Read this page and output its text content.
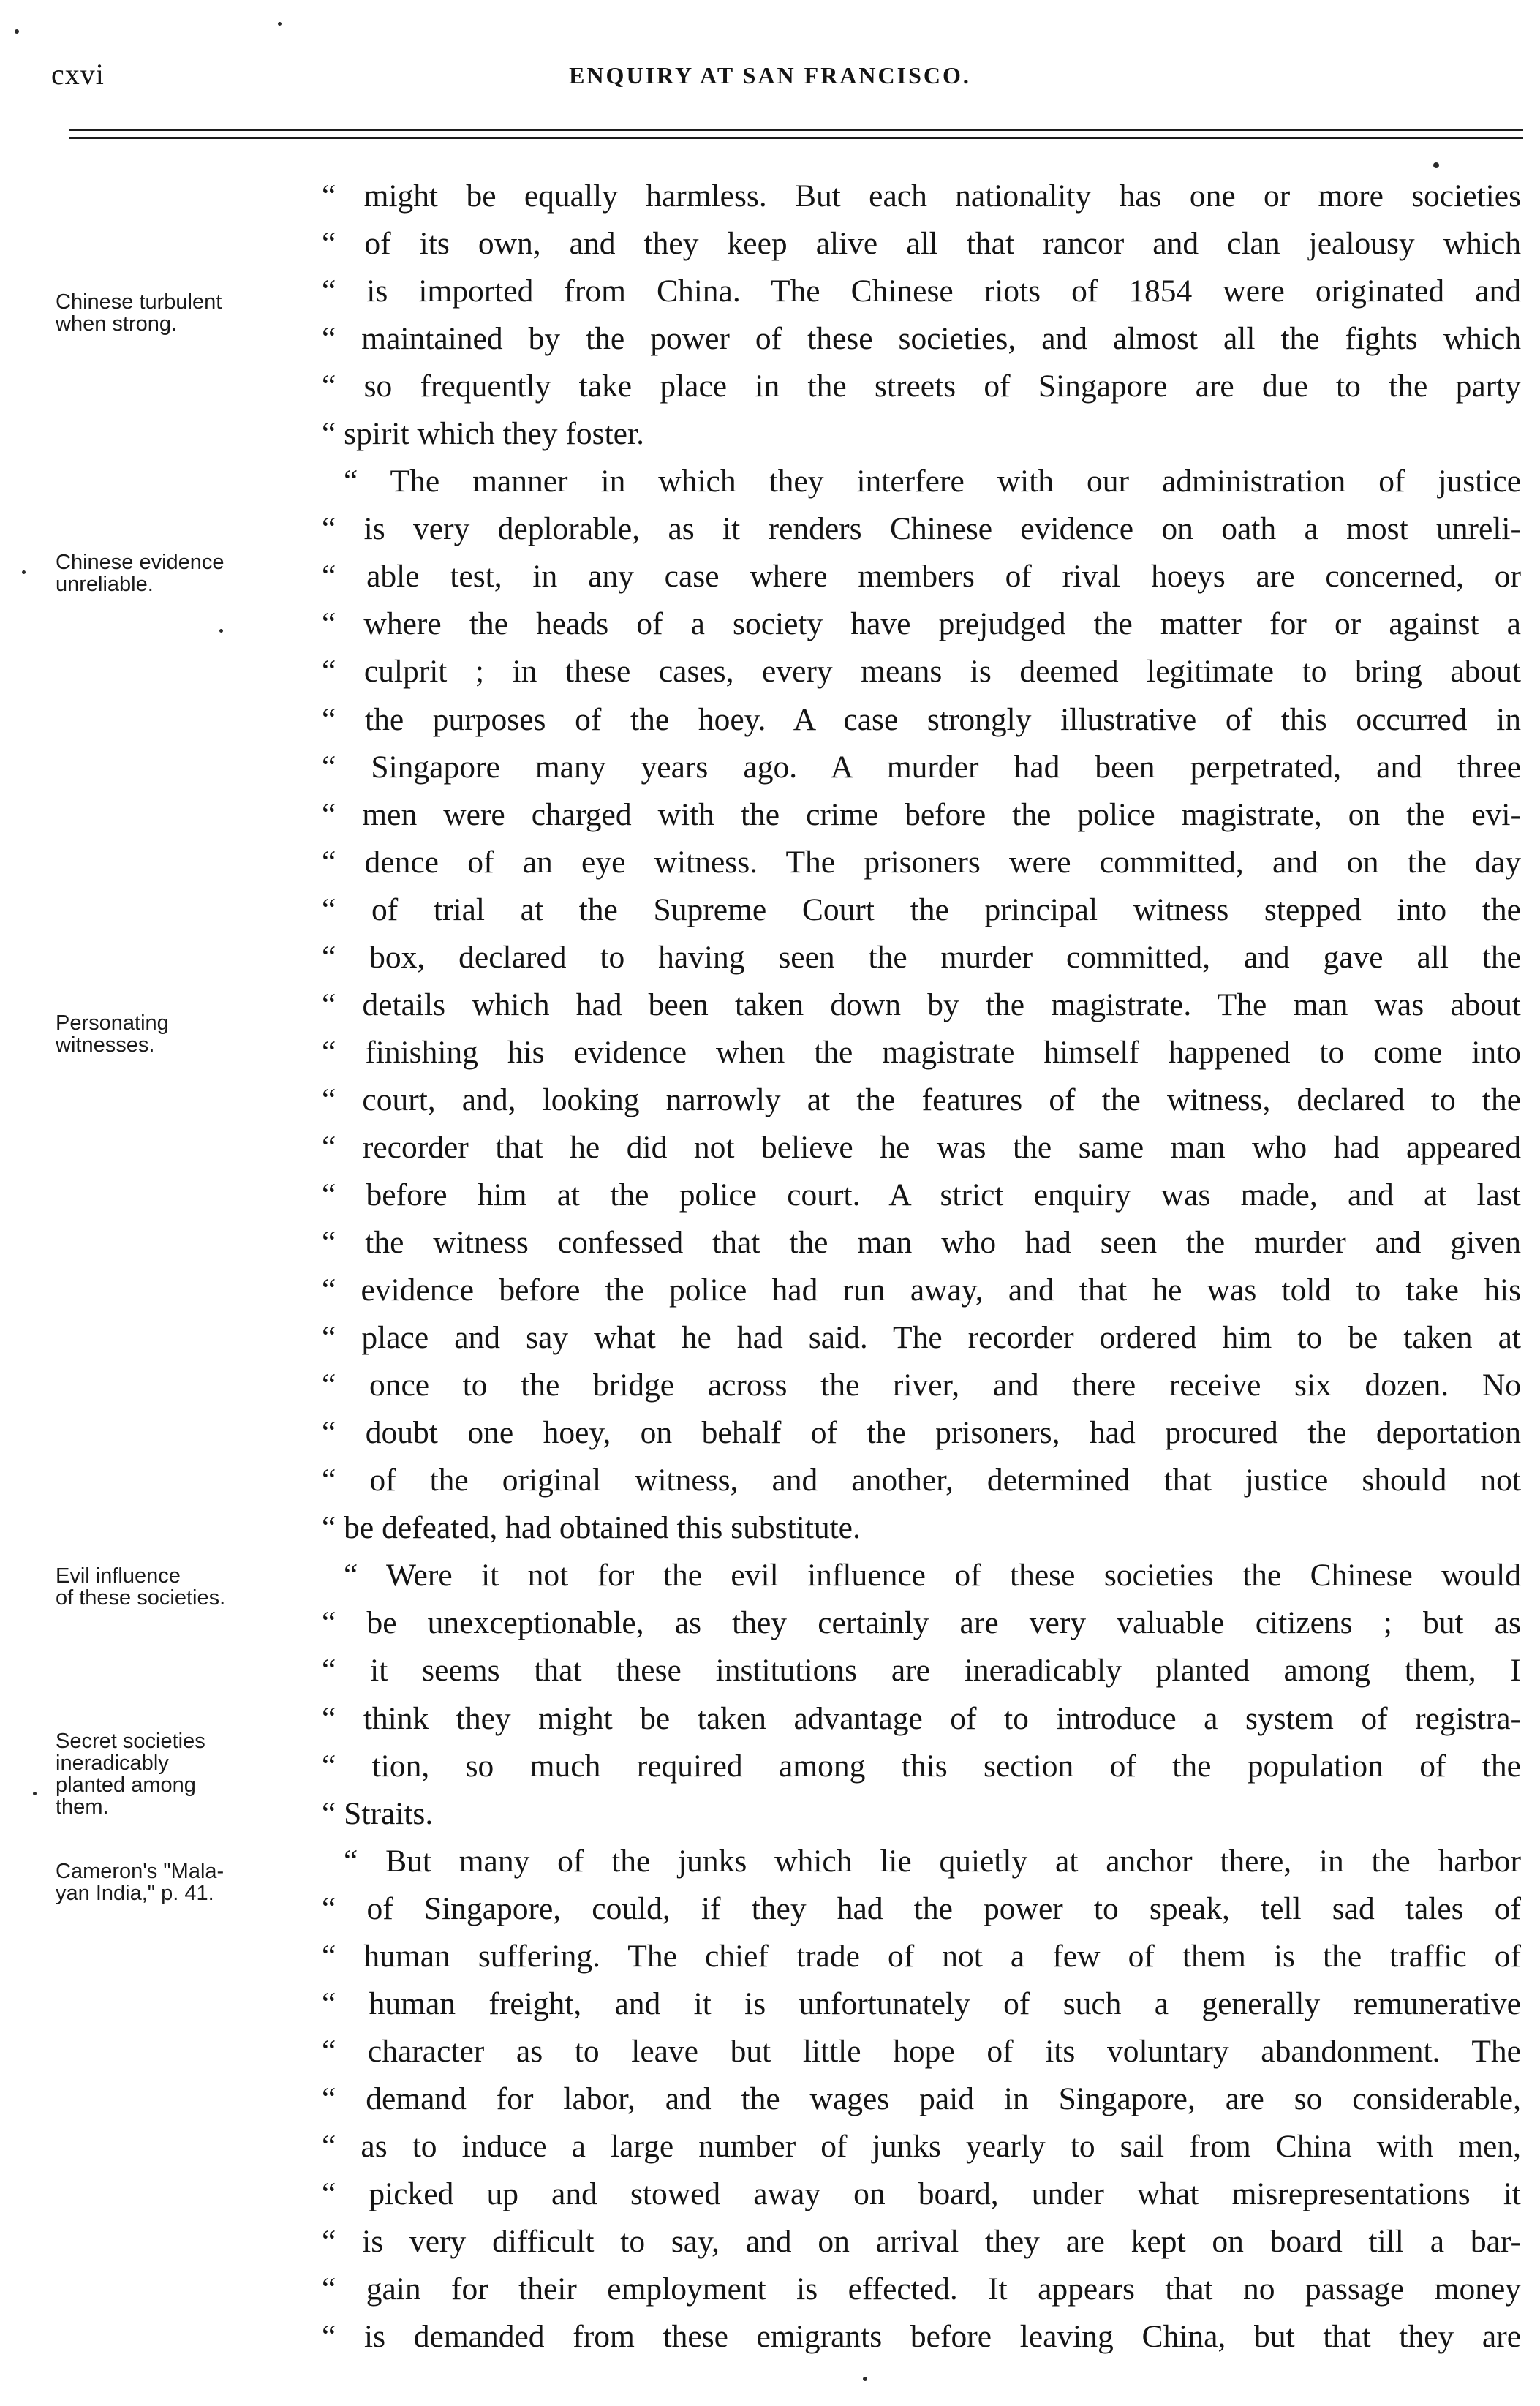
cxvi	ENQUIRY AT SAN FRANCISCO.
Chinese turbulent
when strong.
Chinese evidence
unreliable.
Personating
witnesses.
Evil influence
of these societies.
Secret societies
ineradicably
planted among
them.
Cameron's "Mala-
yan India," p. 41.
“ might be equally harmless. But each nationality has one or more societies
“ of its own, and they keep alive all that rancor and clan jealousy which
“ is imported from China. The Chinese riots of 1854 were originated and
“ maintained by the power of these societies, and almost all the fights which
“ so frequently take place in the streets of Singapore are due to the party
“ spirit which they foster.
“ The manner in which they interfere with our administration of justice
“ is very deplorable, as it renders Chinese evidence on oath a most unreli-
“ able test, in any case where members of rival hoeys are concerned, or
“ where the heads of a society have prejudged the matter for or against a
“ culprit ; in these cases, every means is deemed legitimate to bring about
“ the purposes of the hoey. A case strongly illustrative of this occurred in
“ Singapore many years ago. A murder had been perpetrated, and three
“ men were charged with the crime before the police magistrate, on the evi-
“ dence of an eye witness. The prisoners were committed, and on the day
“ of trial at the Supreme Court the principal witness stepped into the
“ box, declared to having seen the murder committed, and gave all the
“ details which had been taken down by the magistrate. The man was about
“ finishing his evidence when the magistrate himself happened to come into
“ court, and, looking narrowly at the features of the witness, declared to the
“ recorder that he did not believe he was the same man who had appeared
“ before him at the police court. A strict enquiry was made, and at last
“ the witness confessed that the man who had seen the murder and given
“ evidence before the police had run away, and that he was told to take his
“ place and say what he had said. The recorder ordered him to be taken at
“ once to the bridge across the river, and there receive six dozen. No
“ doubt one hoey, on behalf of the prisoners, had procured the deportation
“ of the original witness, and another, determined that justice should not
“ be defeated, had obtained this substitute.
“ Were it not for the evil influence of these societies the Chinese would
“ be unexceptionable, as they certainly are very valuable citizens ; but as
“ it seems that these institutions are ineradicably planted among them, I
“ think they might be taken advantage of to introduce a system of registra-
“ tion, so much required among this section of the population of the
“ Straits.
“ But many of the junks which lie quietly at anchor there, in the harbor
“ of Singapore, could, if they had the power to speak, tell sad tales of
“ human suffering. The chief trade of not a few of them is the traffic of
“ human freight, and it is unfortunately of such a generally remunerative
“ character as to leave but little hope of its voluntary abandonment. The
“ demand for labor, and the wages paid in Singapore, are so considerable,
“ as to induce a large number of junks yearly to sail from China with men,
“ picked up and stowed away on board, under what misrepresentations it
“ is very difficult to say, and on arrival they are kept on board till a bar-
“ gain for their employment is effected. It appears that no passage money
“ is demanded from these emigrants before leaving China, but that they are
